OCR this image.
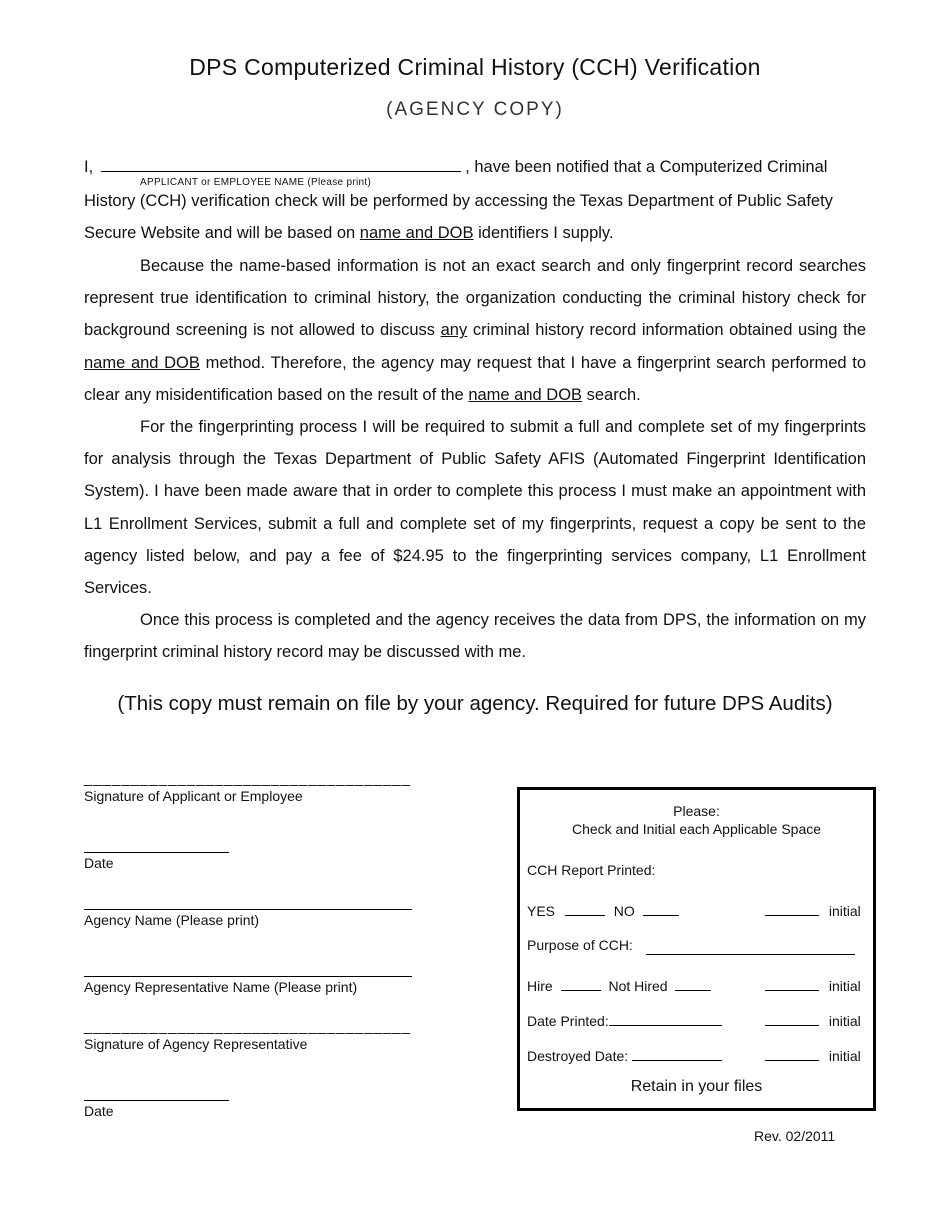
DPS Computerized Criminal History (CCH) Verification
(AGENCY COPY)
I,	, have been notified that a Computerized Criminal
APPLICANT or EMPLOYEE NAME (Please print)

History (CCH) verification check will be performed by accessing the Texas Department of Public Safety
Secure Website and will be based on name and DOB identifiers I supply.

Because the name-based information is not an exact search and only fingerprint record searches represent true identification to criminal history, the organization conducting the criminal history check for background screening is not allowed to discuss any criminal history record information obtained using the name and DOB method. Therefore, the agency may request that I have a fingerprint search performed to clear any misidentification based on the result of the name and DOB search.

For the fingerprinting process I will be required to submit a full and complete set of my fingerprints for analysis through the Texas Department of Public Safety AFIS (Automated Fingerprint Identification System). I have been made aware that in order to complete this process I must make an appointment with L1 Enrollment Services, submit a full and complete set of my fingerprints, request a copy be sent to the agency listed below, and pay a fee of $24.95 to the fingerprinting services company, L1 Enrollment Services.

Once this process is completed and the agency receives the data from DPS, the information on my fingerprint criminal history record may be discussed with me.

(This copy must remain on file by your agency. Required for future DPS Audits)
___________________________________
Signature of Applicant or Employee
Date
Agency Name (Please print)
Agency Representative Name (Please print)
___________________________________
Signature of Agency Representative
Date
Please:
Check and Initial each Applicable Space
CCH Report Printed:
YES	NO	initial
Purpose of CCH:
Hire	Not Hired	initial
Date Printed:	initial
Destroyed Date:	initial
Retain in your files
Rev. 02/2011
